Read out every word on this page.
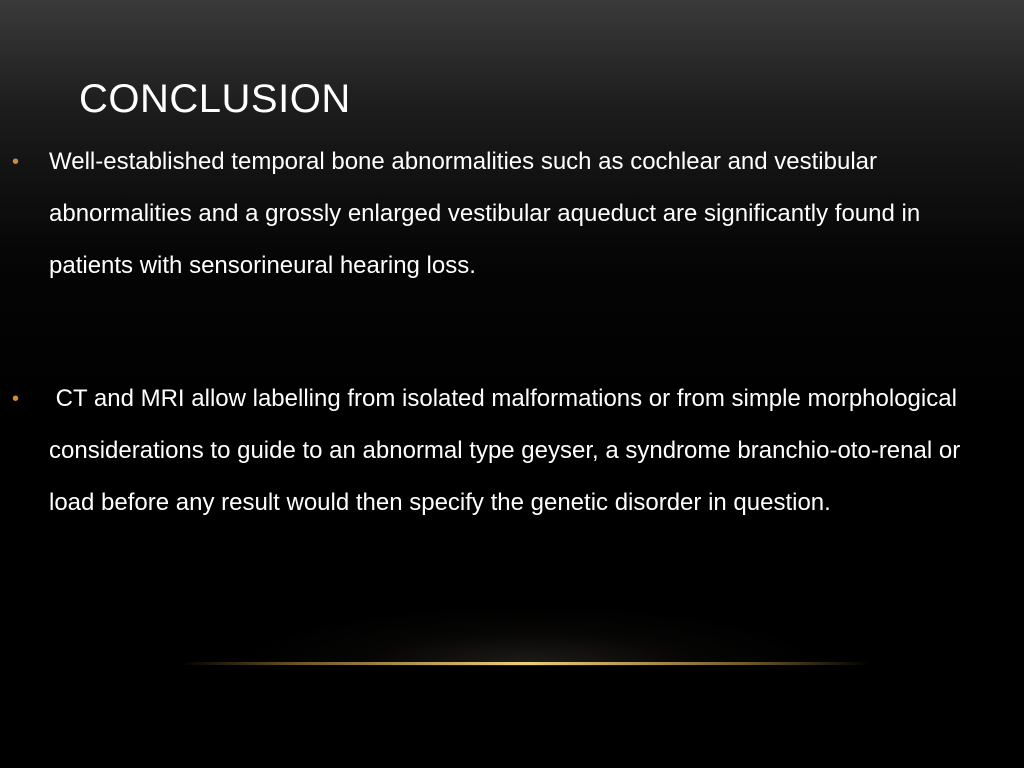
CONCLUSION
• Well-established temporal bone abnormalities such as cochlear and vestibular abnormalities and a grossly enlarged vestibular aqueduct are significantly found in patients with sensorineural hearing loss.
• CT and MRI allow labelling from isolated malformations or from simple morphological considerations to guide to an abnormal type geyser, a syndrome branchio-oto-renal or load before any result would then specify the genetic disorder in question.
